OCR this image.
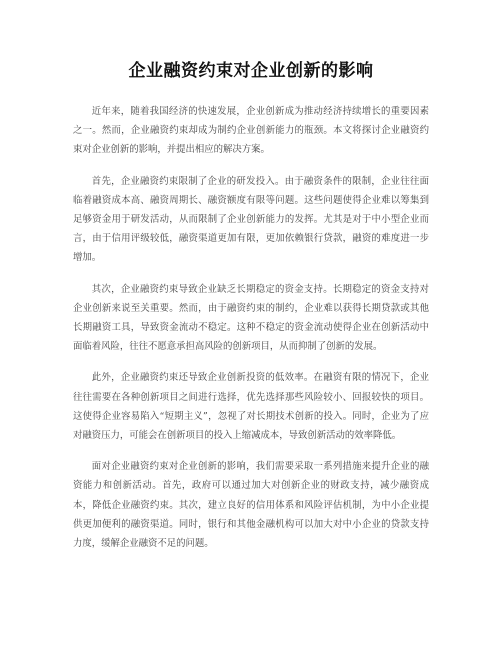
企业融资约束对企业创新的影响

近年来，随着我国经济的快速发展，企业创新成为推动经济持续增长的重要因素之一。然而，企业融资约束却成为制约企业创新能力的瓶颈。本文将探讨企业融资约束对企业创新的影响，并提出相应的解决方案。

首先，企业融资约束限制了企业的研发投入。由于融资条件的限制，企业往往面临着融资成本高、融资周期长、融资额度有限等问题。这些问题使得企业难以筹集到足够资金用于研发活动，从而限制了企业创新能力的发挥。尤其是对于中小型企业而言，由于信用评级较低，融资渠道更加有限，更加依赖银行贷款，融资的难度进一步增加。

其次，企业融资约束导致企业缺乏长期稳定的资金支持。长期稳定的资金支持对企业创新来说至关重要。然而，由于融资约束的制约，企业难以获得长期贷款或其他长期融资工具，导致资金流动不稳定。这种不稳定的资金流动使得企业在创新活动中面临着风险，往往不愿意承担高风险的创新项目，从而抑制了创新的发展。

此外，企业融资约束还导致企业创新投资的低效率。在融资有限的情况下，企业往往需要在各种创新项目之间进行选择，优先选择那些风险较小、回报较快的项目。这使得企业容易陷入“短期主义”，忽视了对长期技术创新的投入。同时，企业为了应对融资压力，可能会在创新项目的投入上缩减成本，导致创新活动的效率降低。

面对企业融资约束对企业创新的影响，我们需要采取一系列措施来提升企业的融资能力和创新活动。首先，政府可以通过加大对创新企业的财政支持，减少融资成本，降低企业融资约束。其次，建立良好的信用体系和风险评估机制，为中小企业提供更加便利的融资渠道。同时，银行和其他金融机构可以加大对中小企业的贷款支持力度，缓解企业融资不足的问题。
